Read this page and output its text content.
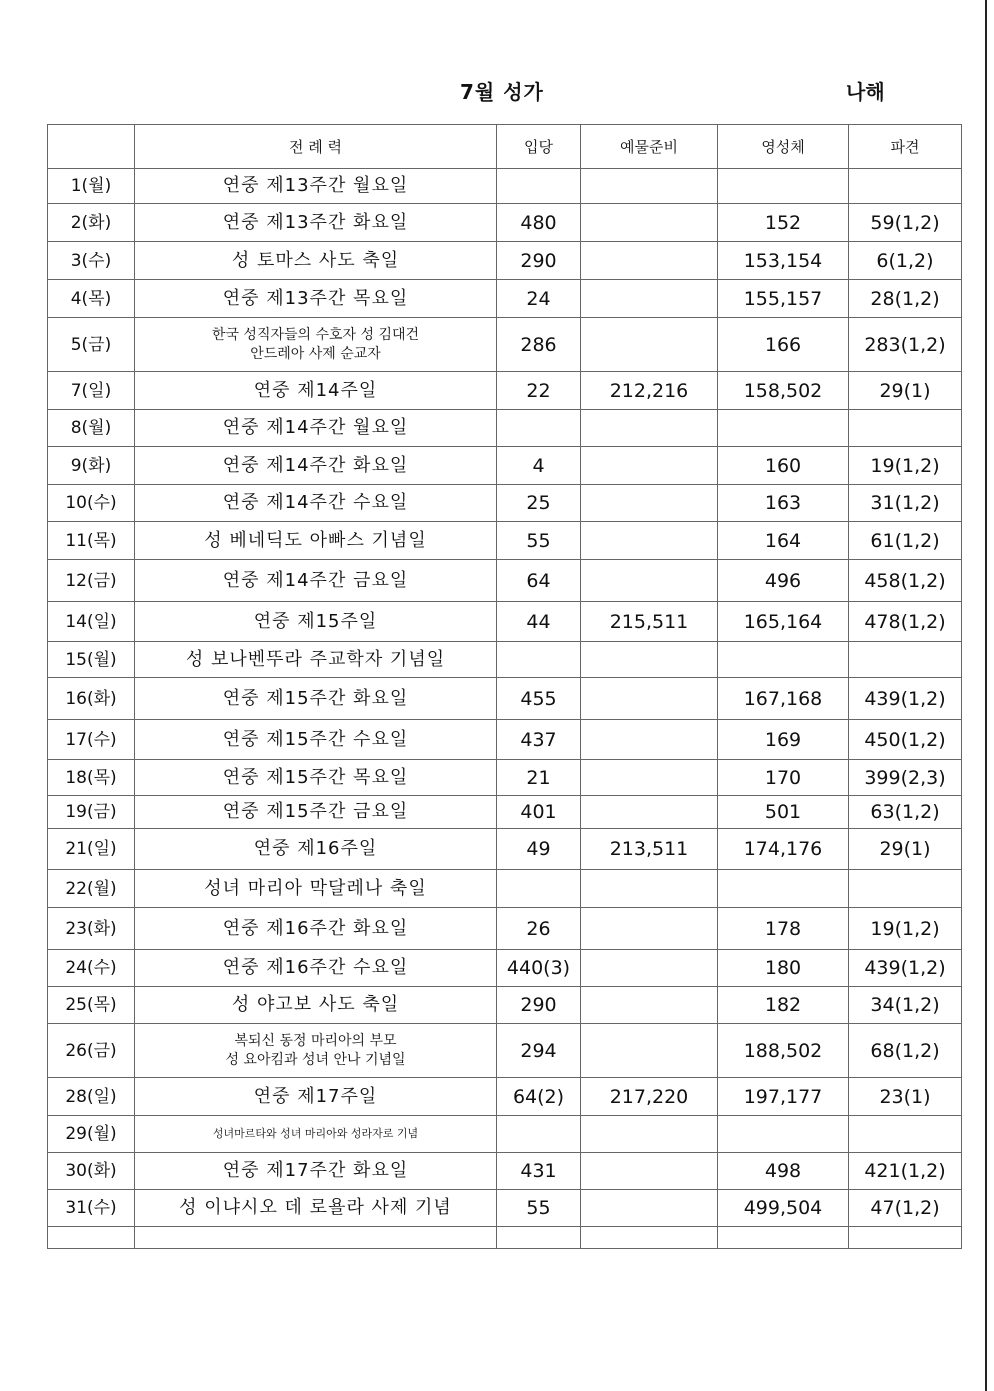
7월 성가	나해
	전 례 력	입당	예물준비	영성체	파견
1(월)	연중 제13주간 월요일				
2(화)	연중 제13주간 화요일	480		152	59(1,2)
3(수)	성 토마스 사도 축일	290		153,154	6(1,2)
4(목)	연중 제13주간 목요일	24		155,157	28(1,2)
5(금)	한국 성직자들의 수호자 성 김대건
안드레아 사제 순교자	286		166	283(1,2)
7(일)	연중 제14주일	22	212,216	158,502	29(1)
8(월)	연중 제14주간 월요일				
9(화)	연중 제14주간 화요일	4		160	19(1,2)
10(수)	연중 제14주간 수요일	25		163	31(1,2)
11(목)	성 베네딕도 아빠스 기념일	55		164	61(1,2)
12(금)	연중 제14주간 금요일	64		496	458(1,2)
14(일)	연중 제15주일	44	215,511	165,164	478(1,2)
15(월)	성 보나벤뚜라 주교학자 기념일				
16(화)	연중 제15주간 화요일	455		167,168	439(1,2)
17(수)	연중 제15주간 수요일	437		169	450(1,2)
18(목)	연중 제15주간 목요일	21		170	399(2,3)
19(금)	연중 제15주간 금요일	401		501	63(1,2)
21(일)	연중 제16주일	49	213,511	174,176	29(1)
22(월)	성녀 마리아 막달레나 축일				
23(화)	연중 제16주간 화요일	26		178	19(1,2)
24(수)	연중 제16주간 수요일	440(3)		180	439(1,2)
25(목)	성 야고보 사도 축일	290		182	34(1,2)
26(금)	복되신 동정 마리아의 부모
성 요아킴과 성녀 안나 기념일	294		188,502	68(1,2)
28(일)	연중 제17주일	64(2)	217,220	197,177	23(1)
29(월)	성녀마르타와 성녀 마리아와 성라자로 기념				
30(화)	연중 제17주간 화요일	431		498	421(1,2)
31(수)	성 이냐시오 데 로욜라 사제 기념	55		499,504	47(1,2)
